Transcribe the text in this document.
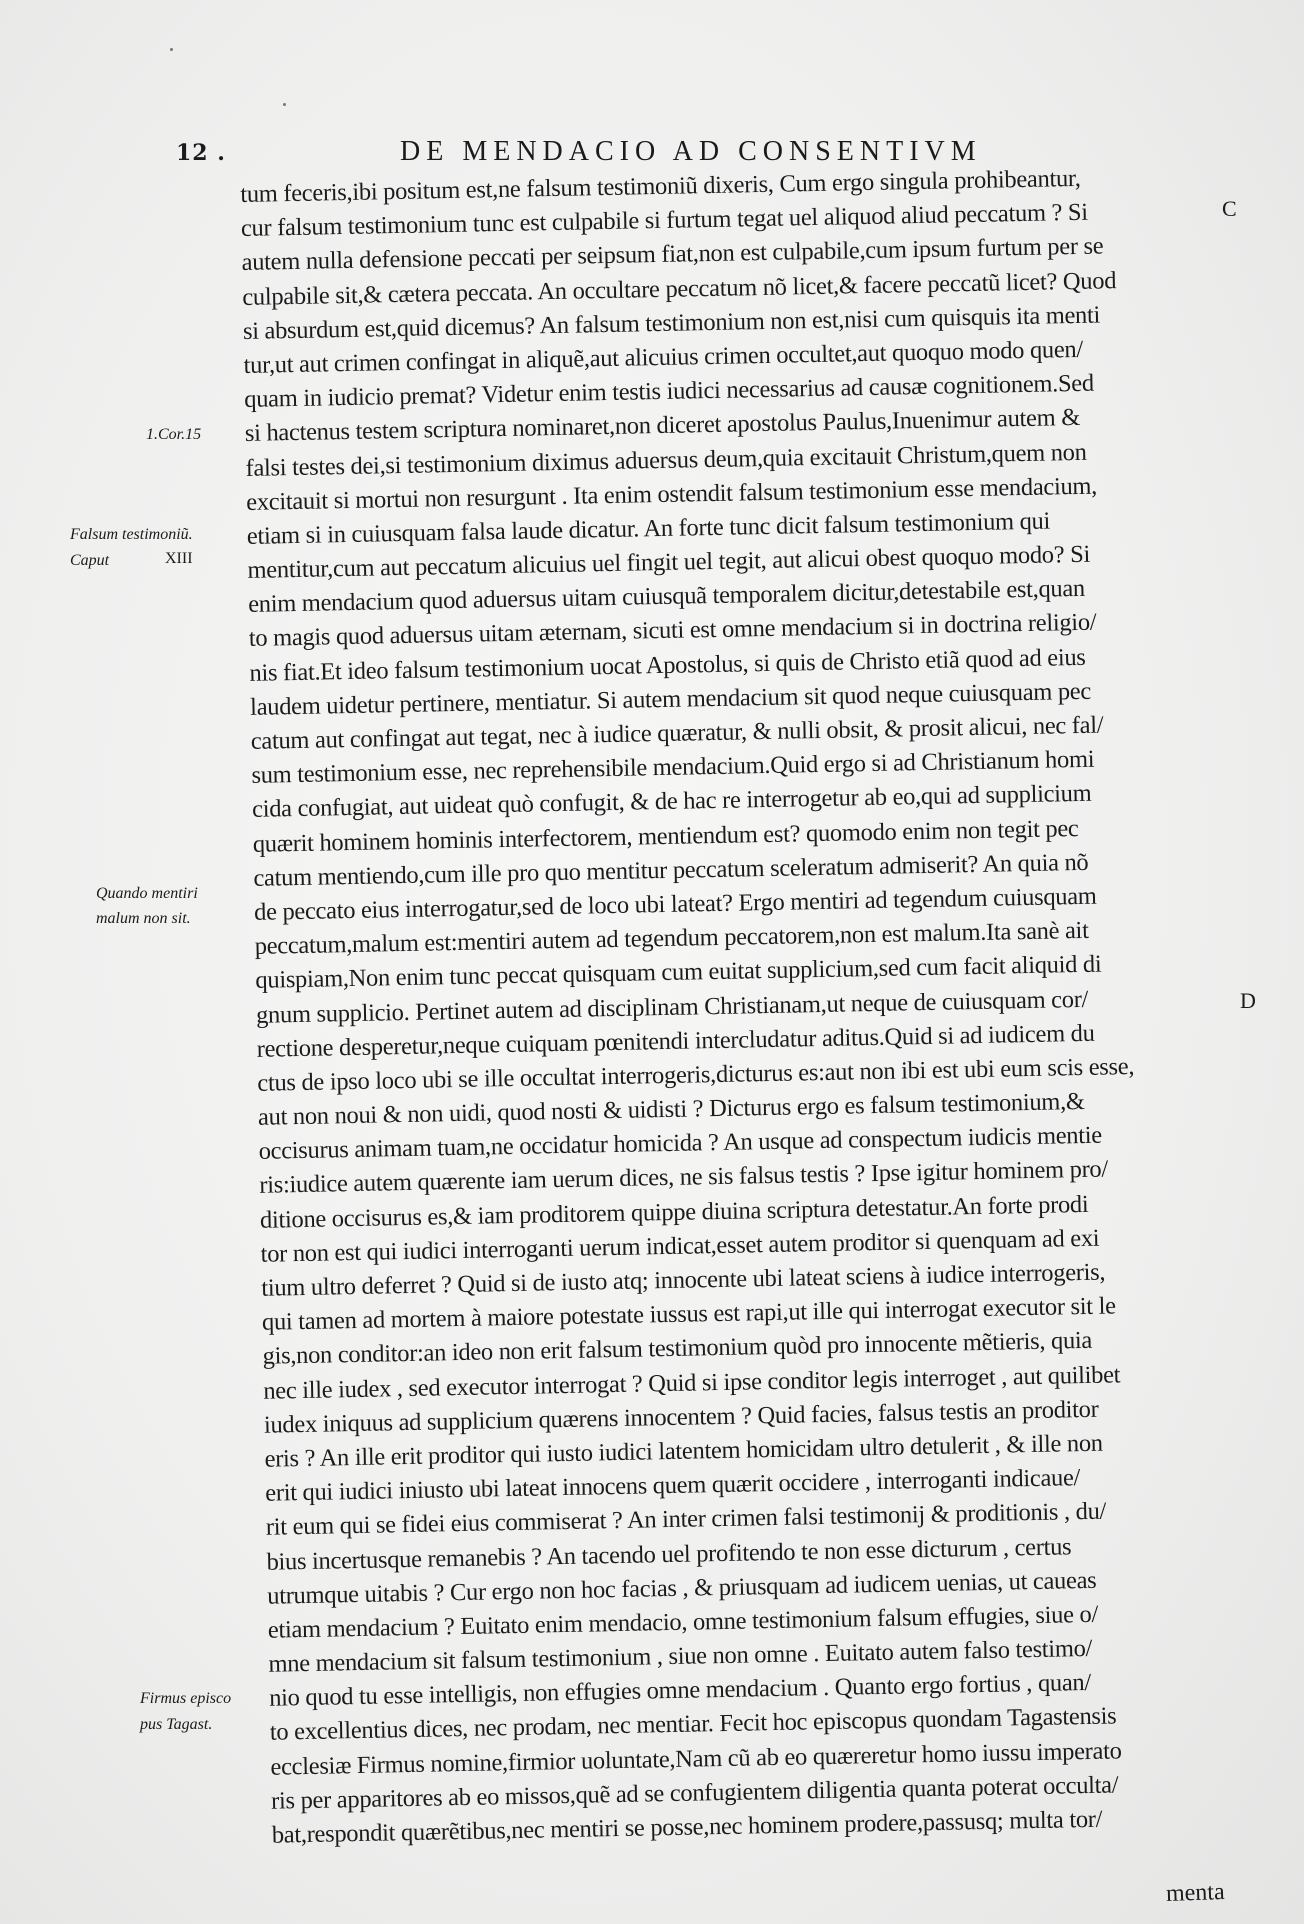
12 .	DE MENDACIO AD CONSENTIVM
tum feceris,ibi positum est,ne falsum testimoniũ dixeris, Cum ergo singula prohibeantur,
cur falsum testimonium tunc est culpabile si furtum tegat uel aliquod aliud peccatum ? Si
autem nulla defensione peccati per seipsum fiat,non est culpabile,cum ipsum furtum per se
culpabile sit,& cætera peccata. An occultare peccatum nõ licet,& facere peccatũ licet? Quod
si absurdum est,quid dicemus? An falsum testimonium non est,nisi cum quisquis ita menti
tur,ut aut crimen confingat in aliquẽ,aut alicuius crimen occultet,aut quoquo modo quen/
quam in iudicio premat? Videtur enim testis iudici necessarius ad causæ cognitionem.Sed
si hactenus testem scriptura nominaret,non diceret apostolus Paulus,Inuenimur autem &
falsi testes dei,si testimonium diximus aduersus deum,quia excitauit Christum,quem non
excitauit si mortui non resurgunt . Ita enim ostendit falsum testimonium esse mendacium,
etiam si in cuiusquam falsa laude dicatur. An forte tunc dicit falsum testimonium qui
mentitur,cum aut peccatum alicuius uel fingit uel tegit, aut alicui obest quoquo modo? Si
enim mendacium quod aduersus uitam cuiusquã temporalem dicitur,detestabile est,quan
to magis quod aduersus uitam æternam, sicuti est omne mendacium si in doctrina religio/
nis fiat.Et ideo falsum testimonium uocat Apostolus, si quis de Christo etiã quod ad eius
laudem uidetur pertinere, mentiatur. Si autem mendacium sit quod neque cuiusquam pec
catum aut confingat aut tegat, nec à iudice quæratur, & nulli obsit, & prosit alicui, nec fal/
sum testimonium esse, nec reprehensibile mendacium.Quid ergo si ad Christianum homi
cida confugiat, aut uideat quò confugit, & de hac re interrogetur ab eo,qui ad supplicium
quærit hominem hominis interfectorem, mentiendum est? quomodo enim non tegit pec
catum mentiendo,cum ille pro quo mentitur peccatum sceleratum admiserit? An quia nõ
de peccato eius interrogatur,sed de loco ubi lateat? Ergo mentiri ad tegendum cuiusquam
peccatum,malum est:mentiri autem ad tegendum peccatorem,non est malum.Ita sanè ait
quispiam,Non enim tunc peccat quisquam cum euitat supplicium,sed cum facit aliquid di
gnum supplicio. Pertinet autem ad disciplinam Christianam,ut neque de cuiusquam cor/
rectione desperetur,neque cuiquam pœnitendi intercludatur aditus.Quid si ad iudicem du
ctus de ipso loco ubi se ille occultat interrogeris,dicturus es:aut non ibi est ubi eum scis esse,
aut non noui & non uidi, quod nosti & uidisti ? Dicturus ergo es falsum testimonium,&
occisurus animam tuam,ne occidatur homicida ? An usque ad conspectum iudicis mentie
ris:iudice autem quærente iam uerum dices, ne sis falsus testis ? Ipse igitur hominem pro/
ditione occisurus es,& iam proditorem quippe diuina scriptura detestatur.An forte prodi
tor non est qui iudici interroganti uerum indicat,esset autem proditor si quenquam ad exi
tium ultro deferret ? Quid si de iusto atq; innocente ubi lateat sciens à iudice interrogeris,
qui tamen ad mortem à maiore potestate iussus est rapi,ut ille qui interrogat executor sit le
gis,non conditor:an ideo non erit falsum testimonium quòd pro innocente mẽtieris, quia
nec ille iudex , sed executor interrogat ? Quid si ipse conditor legis interroget , aut quilibet
iudex iniquus ad supplicium quærens innocentem ? Quid facies, falsus testis an proditor
eris ? An ille erit proditor qui iusto iudici latentem homicidam ultro detulerit , & ille non
erit qui iudici iniusto ubi lateat innocens quem quærit occidere , interroganti indicaue/
rit eum qui se fidei eius commiserat ? An inter crimen falsi testimonij & proditionis , du/
bius incertusque remanebis ? An tacendo uel profitendo te non esse dicturum , certus
utrumque uitabis ? Cur ergo non hoc facias , & priusquam ad iudicem uenias, ut caueas
etiam mendacium ? Euitato enim mendacio, omne testimonium falsum effugies, siue o/
mne mendacium sit falsum testimonium , siue non omne . Euitato autem falso testimo/
nio quod tu esse intelligis, non effugies omne mendacium . Quanto ergo fortius , quan/
to excellentius dices, nec prodam, nec mentiar. Fecit hoc episcopus quondam Tagastensis
ecclesiæ Firmus nomine,firmior uoluntate,Nam cũ ab eo quæreretur homo iussu imperato
ris per apparitores ab eo missos,quẽ ad se confugientem diligentia quanta poterat occulta/
bat,respondit quærẽtibus,nec mentiri se posse,nec hominem prodere,passusq; multa tor/
1.Cor.15
Falsum testimoniũ.
Caput	XIII
Quando mentiri
malum non sit.
Firmus episco
pus Tagast.
C
D
menta
